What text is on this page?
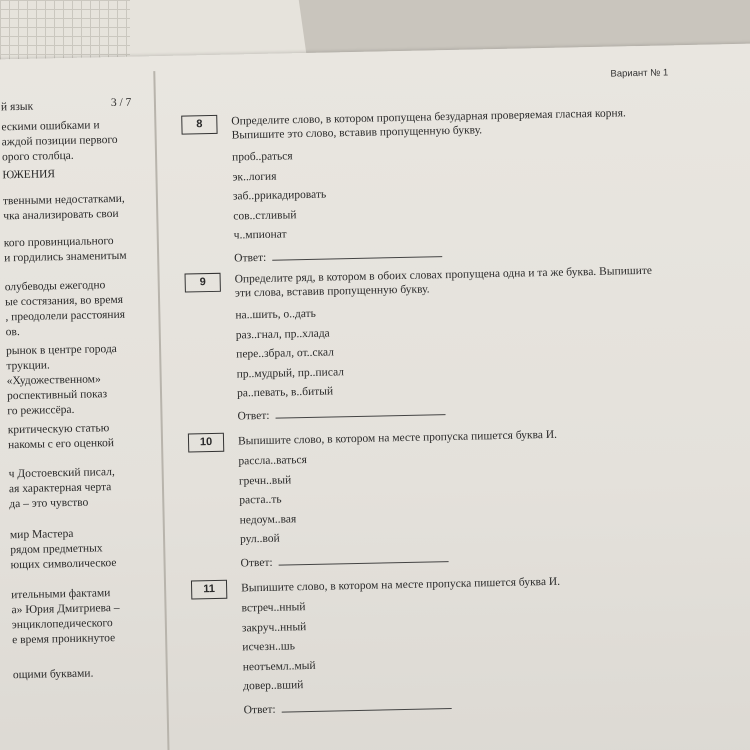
й язык	3 / 7
ескими ошибками и
аждой позиции первого
орого столбца.
ЮЖЕНИЯ
твенными недостатками,
чка анализировать свои
кого провинциального
и гордились знаменитым
олубеводы ежегодно
ые состязания, во время
, преодолели расстояния
ов.
рынок в центре города
трукции.
«Художественном»
роспективный показ
го режиссёра.
критическую статью
накомы с его оценкой
ч Достоевский писал,
ая характерная черта
да – это чувство
мир Мастера
рядом предметных
ющих символическое
ительными фактами
а» Юрия Дмитриева –
энциклопедического
е время проникнутое
ощими буквами.
Вариант № 1
8	Определите слово, в котором пропущена безударная проверяемая гласная корня. Выпишите это слово, вставив пропущенную букву.
проб..раться
эк..логия
заб..ррикадировать
сов..стливый
ч..мпионат
Ответ:
9	Определите ряд, в котором в обоих словах пропущена одна и та же буква. Выпишите эти слова, вставив пропущенную букву.
на..шить, о..дать
раз..гнал, пр..хлада
пере..збрал, от..скал
пр..мудрый, пр..писал
ра..певать, в..битый
Ответ:
10	Выпишите слово, в котором на месте пропуска пишется буква И.
рассла..ваться
гречн..вый
раста..ть
недоум..вая
рул..вой
Ответ:
11	Выпишите слово, в котором на месте пропуска пишется буква И.
встреч..нный
закруч..нный
исчезн..шь
неотъемл..мый
довер..вший
Ответ:
